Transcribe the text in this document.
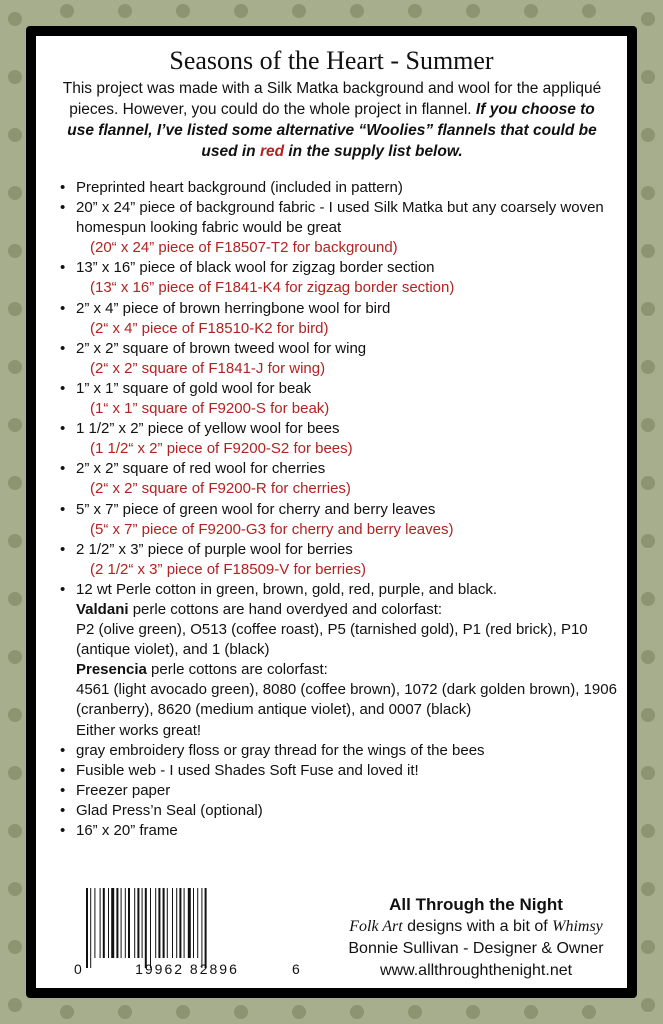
Seasons of the Heart - Summer
This project was made with a Silk Matka background and wool for the appliqué pieces. However, you could do the whole project in flannel. If you choose to use flannel, I’ve listed some alternative “Woolies” flannels that could be used in red in the supply list below.
• Preprinted heart background (included in pattern)
• 20” x 24” piece of background fabric - I used Silk Matka but any coarsely woven homespun looking fabric would be great
(20“ x 24” piece of F18507-T2 for background)
• 13” x 16” piece of black wool for zigzag border section
(13“ x 16” piece of F1841-K4 for zigzag border section)
• 2” x 4” piece of brown herringbone wool for bird
(2“ x 4” piece of F18510-K2 for bird)
• 2” x 2” square of brown tweed wool for wing
(2“ x 2” square of F1841-J for wing)
• 1” x 1” square of gold wool for beak
(1“ x 1” square of F9200-S for beak)
• 1 1/2” x 2” piece of yellow wool for bees
(1 1/2“ x 2” piece of F9200-S2 for bees)
• 2” x 2” square of red wool for cherries
(2“ x 2” square of F9200-R for cherries)
• 5” x 7” piece of green wool for cherry and berry leaves
(5“ x 7” piece of F9200-G3 for cherry and berry leaves)
• 2 1/2” x 3” piece of purple wool for berries
(2 1/2“ x 3” piece of F18509-V for berries)
• 12 wt Perle cotton in green, brown, gold, red, purple, and black.
Valdani perle cottons are hand overdyed and colorfast:
P2 (olive green), O513 (coffee roast), P5 (tarnished gold), P1 (red brick), P10 (antique violet), and 1 (black)
Presencia perle cottons are colorfast:
4561 (light avocado green), 8080 (coffee brown), 1072 (dark golden brown), 1906 (cranberry), 8620 (medium antique violet), and 0007 (black)
Either works great!
• gray embroidery floss or gray thread for the wings of the bees
• Fusible web - I used Shades Soft Fuse and loved it!
• Freezer paper
• Glad Press’n Seal (optional)
• 16” x 20” frame
0	19962 82896	6
All Through the Night
Folk Art designs with a bit of Whimsy
Bonnie Sullivan - Designer & Owner
www.allthroughthenight.net
